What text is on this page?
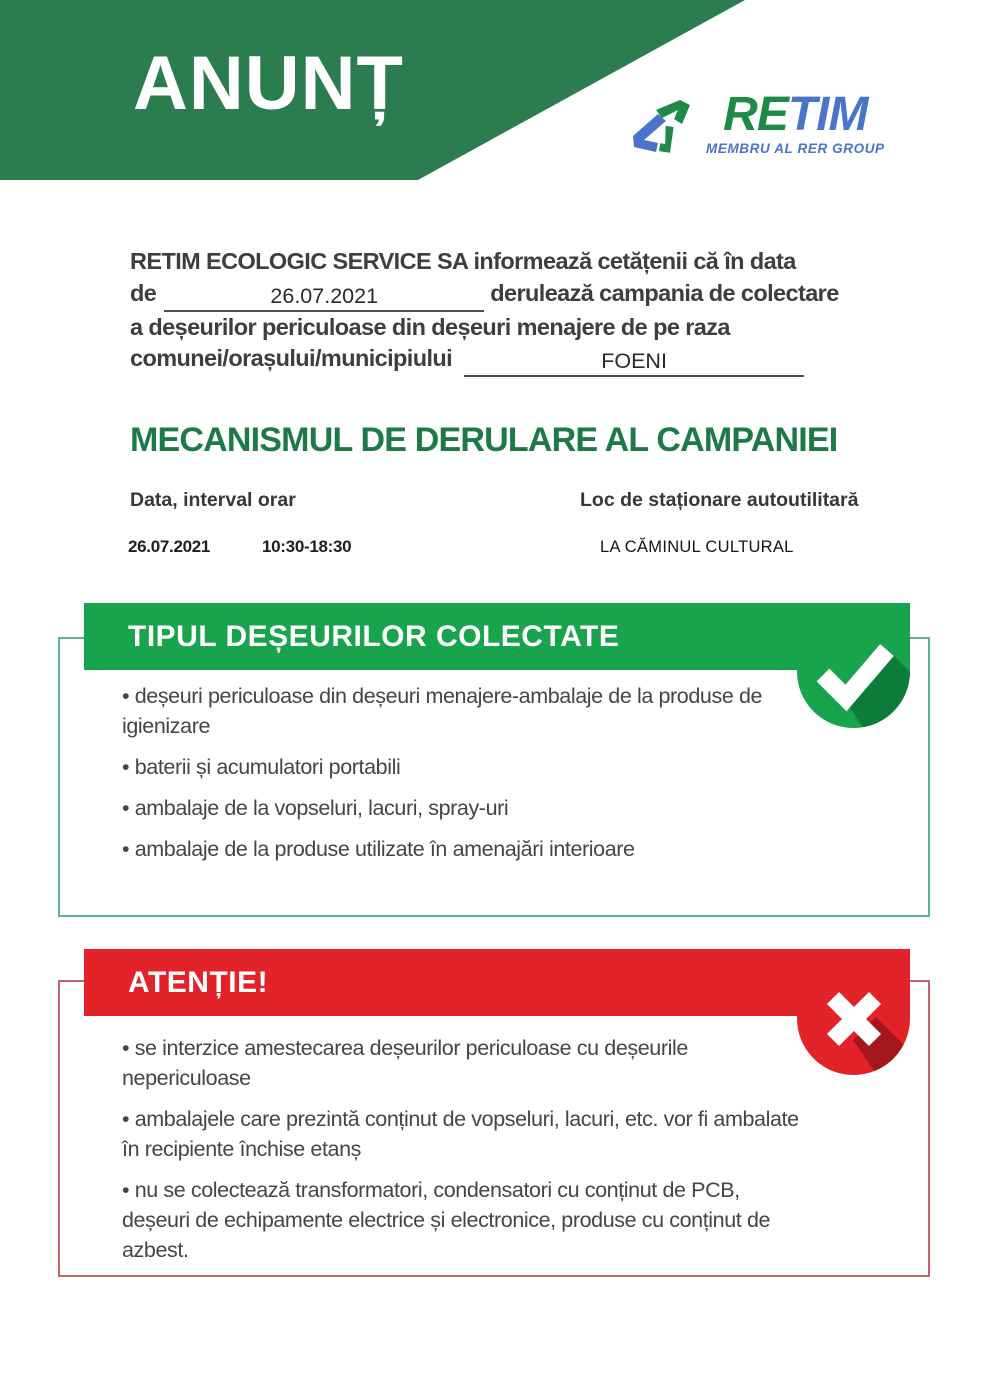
ANUNȚ	RETIM
MEMBRU AL RER GROUP
RETIM ECOLOGIC SERVICE SA informează cetățenii că în data
de	26.07.2021	derulează campania de colectare
a deșeurilor periculoase din deșeuri menajere de pe raza
comunei/orașului/municipiului	FOENI
MECANISMUL DE DERULARE AL CAMPANIEI
Data, interval orar	Loc de staționare autoutilitară
26.07.2021	10:30-18:30	LA CĂMINUL CULTURAL
TIPUL DEȘEURILOR COLECTATE
• deșeuri periculoase din deșeuri menajere-ambalaje de la produse de igienizare
• baterii și acumulatori portabili
• ambalaje de la vopseluri, lacuri, spray-uri
• ambalaje de la produse utilizate în amenajări interioare
ATENȚIE!
• se interzice amestecarea deșeurilor periculoase cu deșeurile nepericuloase
• ambalajele care prezintă conținut de vopseluri, lacuri, etc. vor fi ambalate în recipiente închise etanș
• nu se colectează transformatori, condensatori cu conținut de PCB, deșeuri de echipamente electrice și electronice, produse cu conținut de azbest.
